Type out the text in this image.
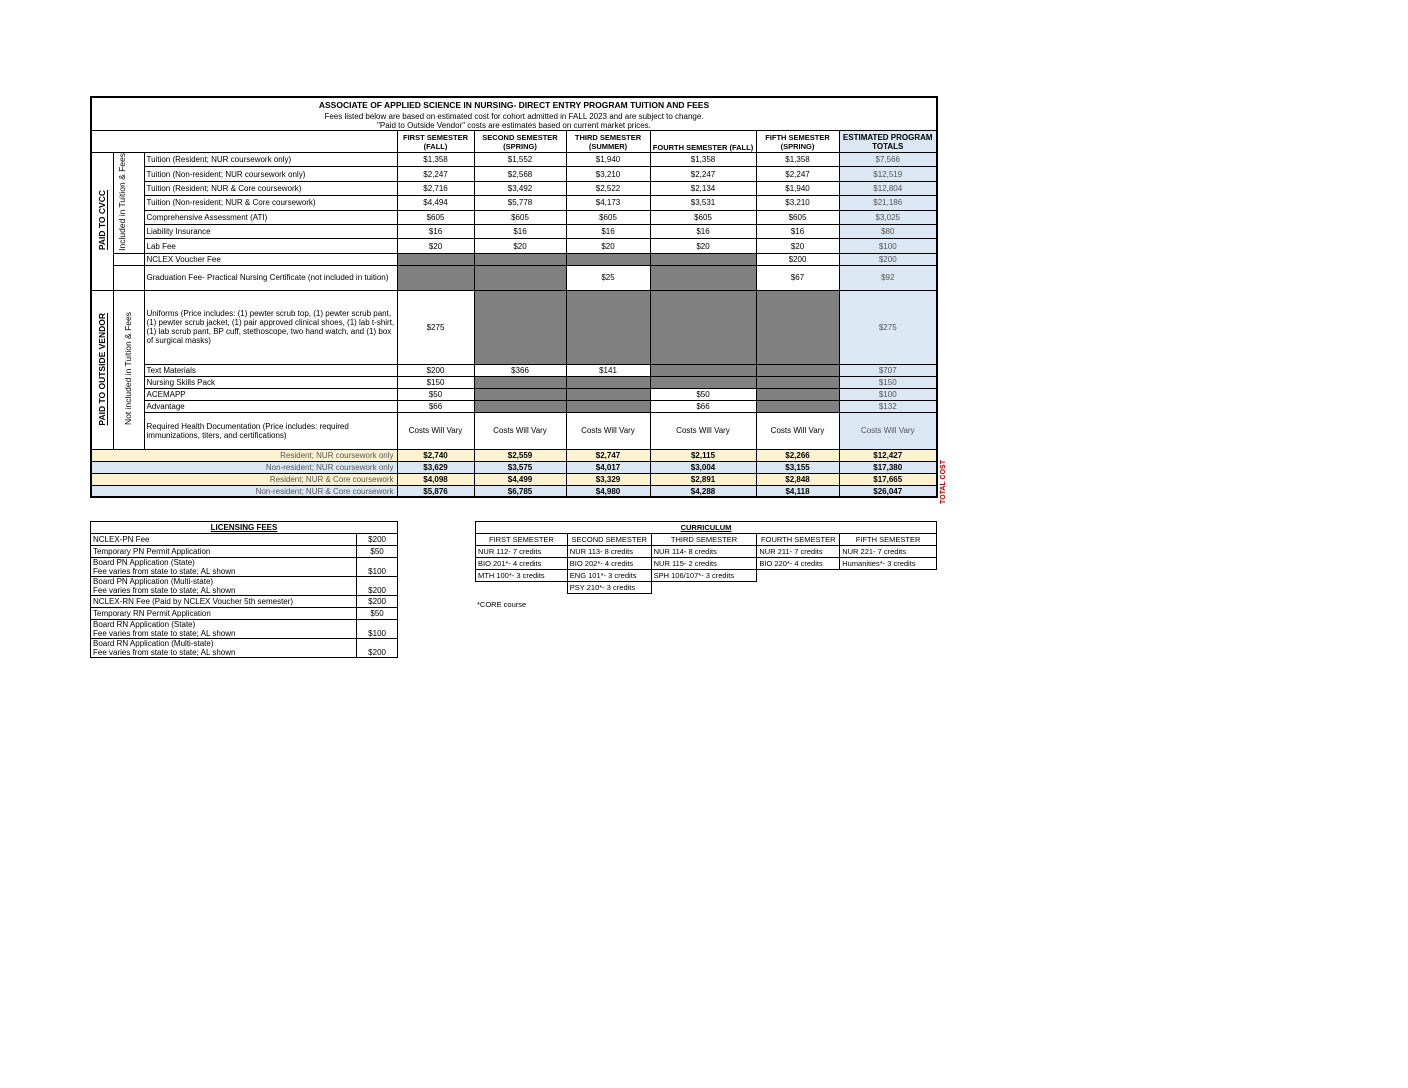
ASSOCIATE OF APPLIED SCIENCE IN NURSING- DIRECT ENTRY PROGRAM TUITION AND FEES								

Fees listed below are based on estimated cost for cohort admitted in FALL 2023 and are subject to change.
"Paid to Outside Vendor" costs are estimates based on current market prices.								

			FIRST SEMESTER (FALL)	SECOND SEMESTER (SPRING)	THIRD SEMESTER (SUMMER)	FOURTH SEMESTER (FALL)	FIFTH SEMESTER (SPRING)	ESTIMATED PROGRAM TOTALS
PAID TO CVCC	Included in Tuition & Fees	Tuition (Resident; NUR coursework only)	$1,358	$1,552	$1,940	$1,358	$1,358	$7,566
		Tuition (Non-resident; NUR coursework only)	$2,247	$2,568	$3,210	$2,247	$2,247	$12,519
		Tuition (Resident; NUR & Core coursework)	$2,716	$3,492	$2,522	$2,134	$1,940	$12,804
		Tuition (Non-resident; NUR & Core coursework)	$4,494	$5,778	$4,173	$3,531	$3,210	$21,186
		Comprehensive Assessment (ATI)	$605	$605	$605	$605	$605	$3,025
		Liability Insurance	$16	$16	$16	$16	$16	$80
		Lab Fee	$20	$20	$20	$20	$20	$100
		NCLEX Voucher Fee					$200	$200
		Graduation Fee- Practical Nursing Certificate (not included in tuition)			$25		$67	$92
PAID TO OUTSIDE VENDOR	Not included in Tuition & Fees	Uniforms (Price includes: (1) pewter scrub top, (1) pewter scrub pant, (1) pewter scrub jacket, (1) pair approved clinical shoes, (1) lab t-shirt, (1) lab scrub pant, BP cuff, stethoscope, two hand watch, and (1) box of surgical masks)	$275					$275
		Text Materials	$200	$366	$141			$707
		Nursing Skills Pack	$150					$150
		ACEMAPP	$50			$50		$100
		Advantage	$66			$66		$132
		Required Health Documentation (Price includes: required immunizations, titers, and certifications)	Costs Will Vary	Costs Will Vary	Costs Will Vary	Costs Will Vary	Costs Will Vary	Costs Will Vary
Resident; NUR coursework only			$2,740	$2,559	$2,747	$2,115	$2,266	$12,427
Non-resident; NUR coursework only			$3,629	$3,575	$4,017	$3,004	$3,155	$17,380
Resident; NUR & Core coursework			$4,098	$4,499	$3,329	$2,891	$2,848	$17,665
Non-resident; NUR & Core coursework			$5,876	$6,785	$4,980	$4,288	$4,118	$26,047	TOTAL COST
LICENSING FEES	
NCLEX-PN Fee	$200
Temporary PN Permit Application	$50

Board PN Application (State)
Fee varies from state to state; AL shown	$100

Board PN Application (Multi-state)
Fee varies from state to state; AL shown	$200
NCLEX-RN Fee (Paid by NCLEX Voucher 5th semester)	$200
Temporary RN Permit Application	$50

Board RN Application (State)
Fee varies from state to state; AL shown	$100

Board RN Application (Multi-state)
Fee varies from state to state; AL shown	$200
CURRICULUM				
FIRST SEMESTER	SECOND SEMESTER	THIRD SEMESTER	FOURTH SEMESTER	FIFTH SEMESTER
NUR 112- 7 credits	NUR 113- 8 credits	NUR 114- 8 credits	NUR 211- 7 credits	NUR 221- 7 credits
BIO 201*- 4 credits	BIO 202*- 4 credits	NUR 115- 2 credits	BIO 220*- 4 credits	Humanities*- 3 credits
MTH 100*- 3 credits	ENG 101*- 3 credits	SPH 106/107*- 3 credits		
	PSY 210*- 3 credits			
*CORE course
